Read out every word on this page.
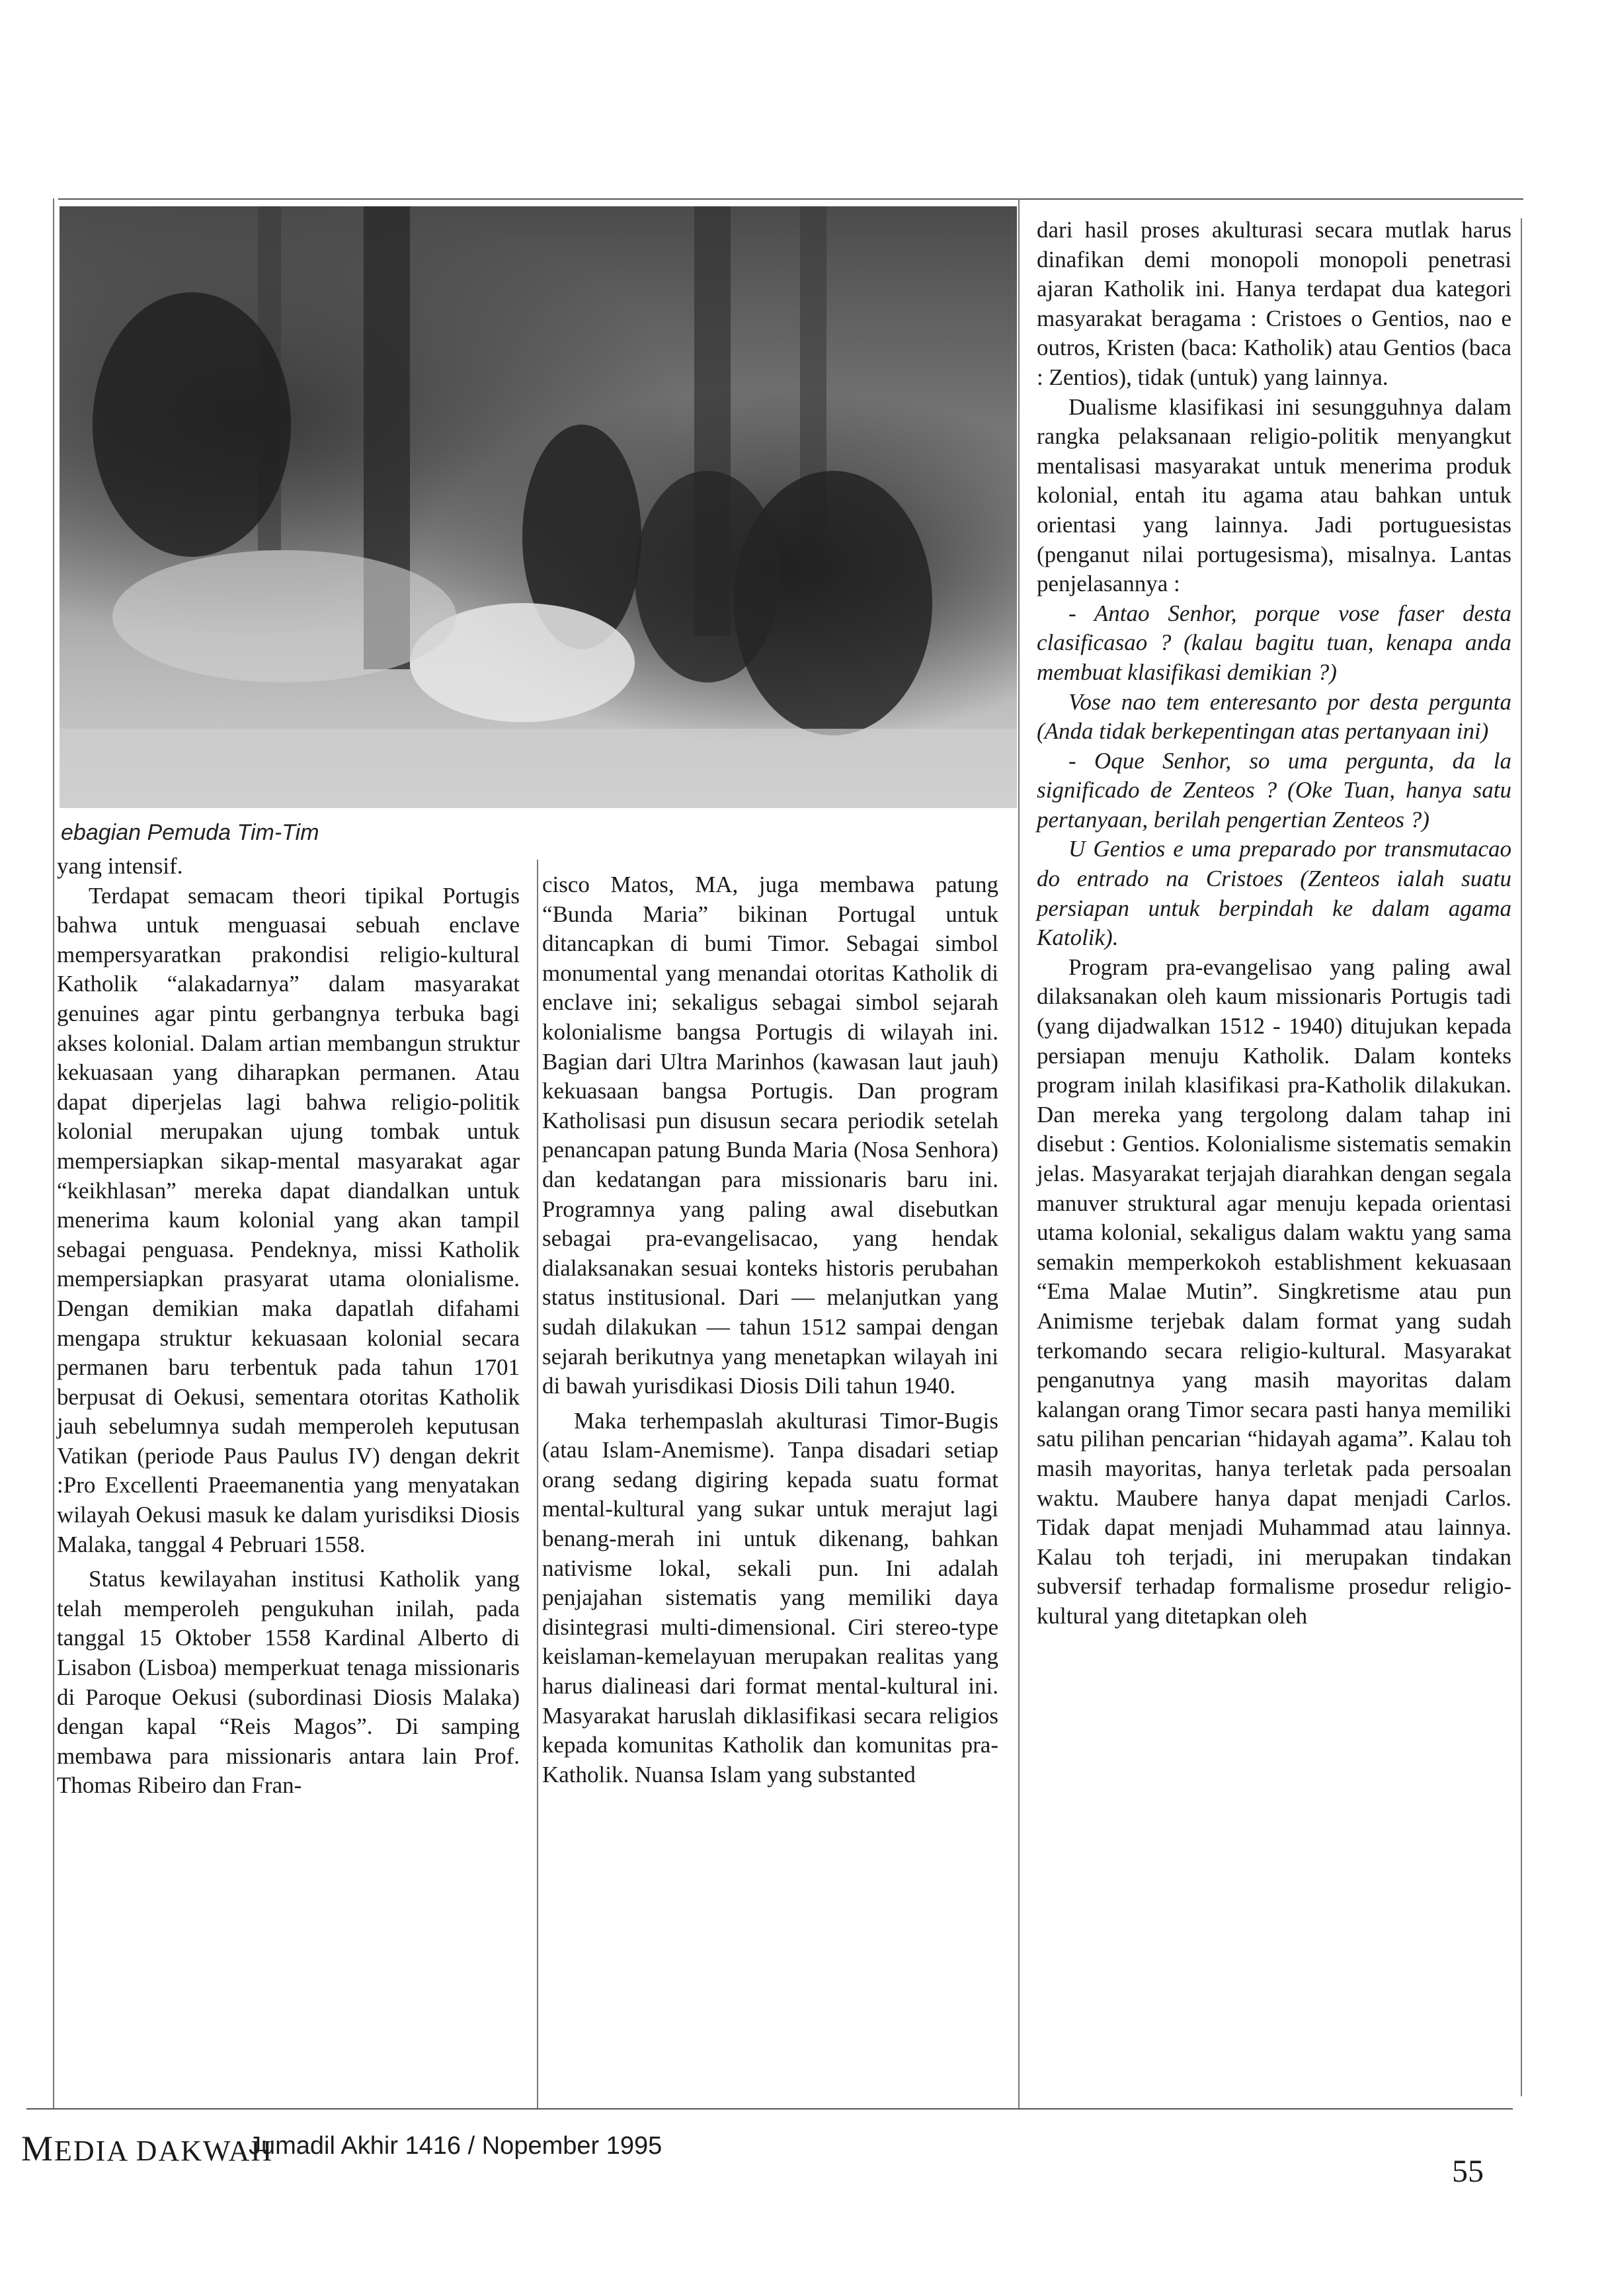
ebagian Pemuda Tim-Tim

yang intensif.

Terdapat semacam theori tipikal Portugis bahwa untuk menguasai sebuah enclave mempersyaratkan prakondisi religio-kultural Katholik “alakadarnya” dalam masyarakat genuines agar pintu gerbangnya terbuka bagi akses kolonial. Dalam artian membangun struktur kekuasaan yang diharapkan permanen. Atau dapat diperjelas lagi bahwa religio-politik kolonial merupakan ujung tombak untuk mempersiapkan sikap-mental masyarakat agar “keikhlasan” mereka dapat diandalkan untuk menerima kaum kolonial yang akan tampil sebagai penguasa. Pendeknya, missi Katholik mempersiapkan prasyarat utama olonialisme. Dengan demikian maka dapatlah difahami mengapa struktur kekuasaan kolonial secara permanen baru terbentuk pada tahun 1701 berpusat di Oekusi, sementara otoritas Katholik jauh sebelumnya sudah memperoleh keputusan Vatikan (periode Paus Paulus IV) dengan dekrit :Pro Excellenti Praeemanentia yang menyatakan wilayah Oekusi masuk ke dalam yurisdiksi Diosis Malaka, tanggal 4 Pebruari 1558.

Status kewilayahan institusi Katholik yang telah memperoleh pengukuhan inilah, pada tanggal 15 Oktober 1558 Kardinal Alberto di Lisabon (Lisboa) memperkuat tenaga missionaris di Paroque Oekusi (subordinasi Diosis Malaka) dengan kapal “Reis Magos”. Di samping membawa para missionaris antara lain Prof. Thomas Ribeiro dan Fran-

cisco Matos, MA, juga membawa patung “Bunda Maria” bikinan Portugal untuk ditancapkan di bumi Timor. Sebagai simbol monumental yang menandai otoritas Katholik di enclave ini; sekaligus sebagai simbol sejarah kolonialisme bangsa Portugis di wilayah ini. Bagian dari Ultra Marinhos (kawasan laut jauh) kekuasaan bangsa Portugis. Dan program Katholisasi pun disusun secara periodik setelah penancapan patung Bunda Maria (Nosa Senhora) dan kedatangan para missionaris baru ini. Programnya yang paling awal disebutkan sebagai pra-evangelisacao, yang hendak dialaksanakan sesuai konteks historis perubahan status institusional. Dari — melanjutkan yang sudah dilakukan — tahun 1512 sampai dengan sejarah berikutnya yang menetapkan wilayah ini di bawah yurisdikasi Diosis Dili tahun 1940.

Maka terhempaslah akulturasi Timor-Bugis (atau Islam-Anemisme). Tanpa disadari setiap orang sedang digiring kepada suatu format mental-kultural yang sukar untuk merajut lagi benang-merah ini untuk dikenang, bahkan nativisme lokal, sekali pun. Ini adalah penjajahan sistematis yang memiliki daya disintegrasi multi-dimensional. Ciri stereo-type keislaman-kemelayuan merupakan realitas yang harus dialineasi dari format mental-kultural ini. Masyarakat haruslah diklasifikasi secara religios kepada komunitas Katholik dan komunitas pra-Katholik. Nuansa Islam yang substanted

dari hasil proses akulturasi secara mutlak harus dinafikan demi monopoli monopoli penetrasi ajaran Katholik ini. Hanya terdapat dua kategori masyarakat beragama : Cristoes o Gentios, nao e outros, Kristen (baca: Katholik) atau Gentios (baca : Zentios), tidak (untuk) yang lainnya.

Dualisme klasifikasi ini sesungguhnya dalam rangka pelaksanaan religio-politik menyangkut mentalisasi masyarakat untuk menerima produk kolonial, entah itu agama atau bahkan untuk orientasi yang lainnya. Jadi portuguesistas (penganut nilai portugesisma), misalnya. Lantas penjelasannya :

- Antao Senhor, porque vose faser desta clasificasao ? (kalau bagitu tuan, kenapa anda membuat klasifikasi demikian ?)

Vose nao tem enteresanto por desta pergunta (Anda tidak berkepentingan atas pertanyaan ini)

- Oque Senhor, so uma pergunta, da la significado de Zenteos ? (Oke Tuan, hanya satu pertanyaan, berilah pengertian Zenteos ?)

U Gentios e uma preparado por transmutacao do entrado na Cristoes (Zenteos ialah suatu persiapan untuk berpindah ke dalam agama Katolik).

Program pra-evangelisao yang paling awal dilaksanakan oleh kaum missionaris Portugis tadi (yang dijadwalkan 1512 - 1940) ditujukan kepada persiapan menuju Katholik. Dalam konteks program inilah klasifikasi pra-Katholik dilakukan. Dan mereka yang tergolong dalam tahap ini disebut : Gentios. Kolonialisme sistematis semakin jelas. Masyarakat terjajah diarahkan dengan segala manuver struktural agar menuju kepada orientasi utama kolonial, sekaligus dalam waktu yang sama semakin memperkokoh establishment kekuasaan “Ema Malae Mutin”. Singkretisme atau pun Animisme terjebak dalam format yang sudah terkomando secara religio-kultural. Masyarakat penganutnya yang masih mayoritas dalam kalangan orang Timor secara pasti hanya memiliki satu pilihan pencarian “hidayah agama”. Kalau toh masih mayoritas, hanya terletak pada persoalan waktu. Maubere hanya dapat menjadi Carlos. Tidak dapat menjadi Muhammad atau lainnya. Kalau toh terjadi, ini merupakan tindakan subversif terhadap formalisme prosedur religio-kultural yang ditetapkan oleh

MEDIA DAKWAH
Jumadil Akhir 1416 / Nopember 1995
55
